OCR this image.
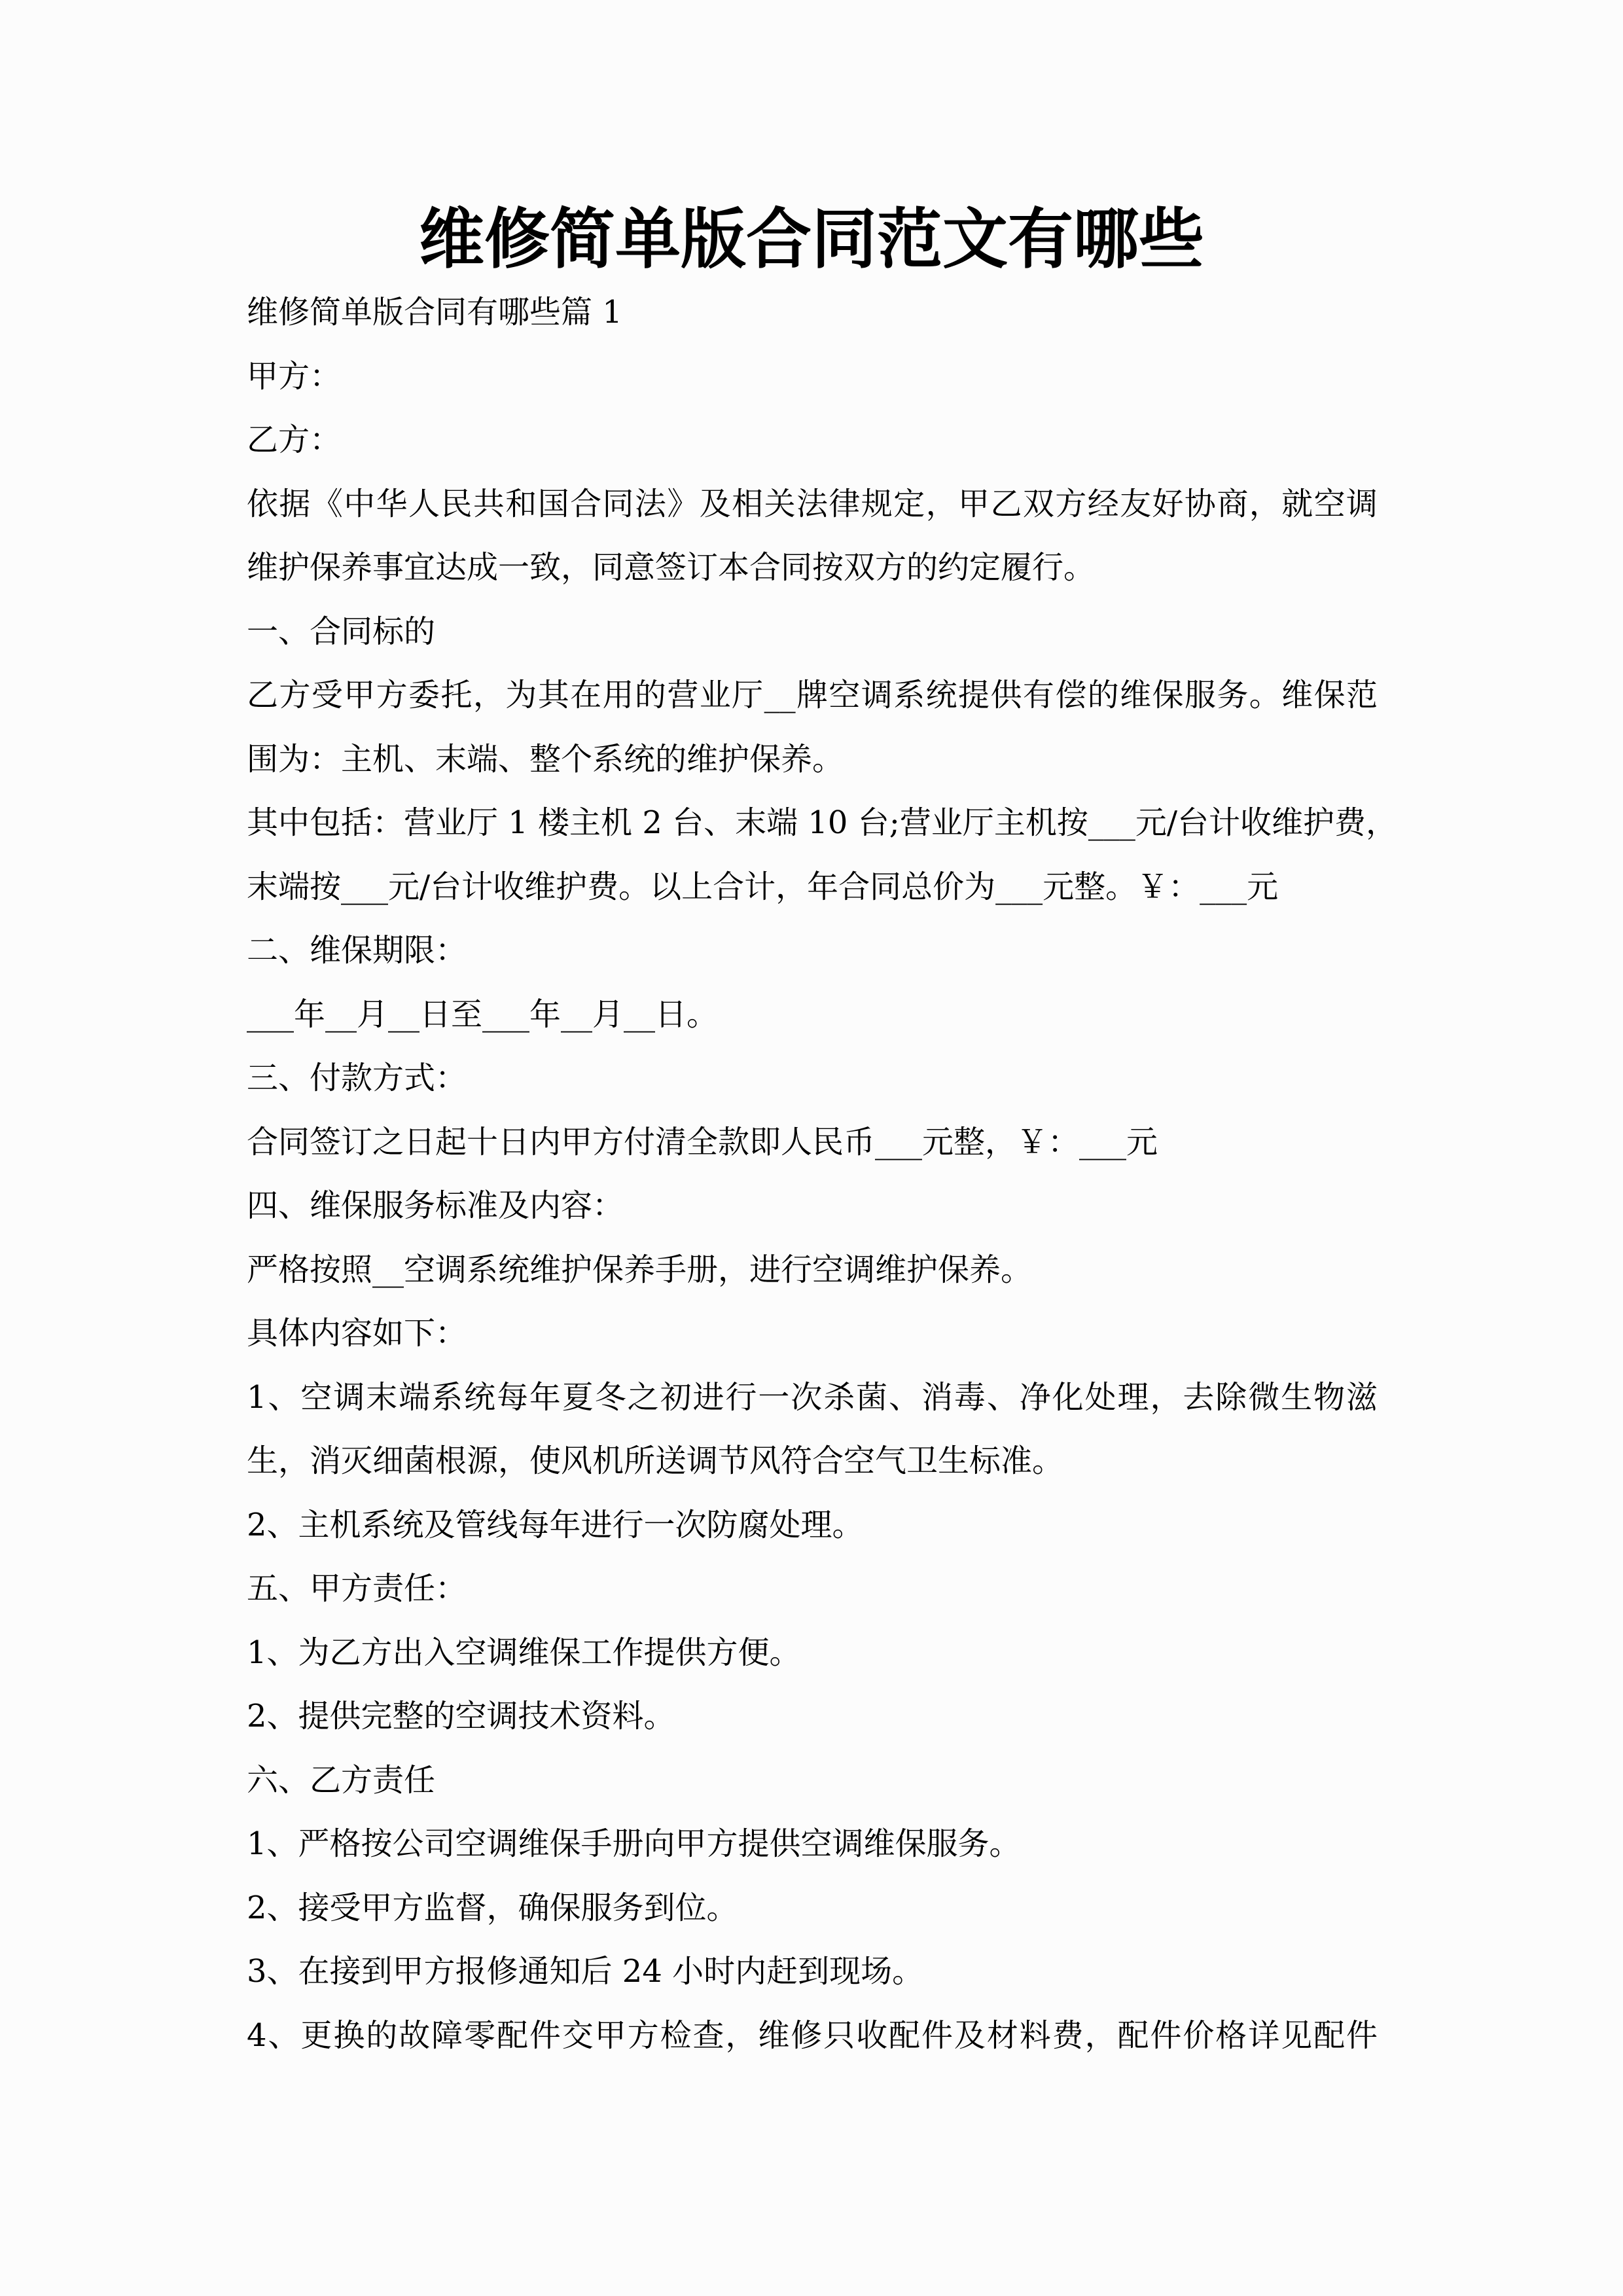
维修简单版合同范文有哪些
维修简单版合同有哪些篇 1
甲方：
乙方：
依据《中华人民共和国合同法》及相关法律规定，甲乙双方经友好协商，就空调
维护保养事宜达成一致，同意签订本合同按双方的约定履行。
一、合同标的
乙方受甲方委托，为其在用的营业厅__牌空调系统提供有偿的维保服务。维保范
围为：主机、末端、整个系统的维护保养。
其中包括：营业厅 1 楼主机 2 台、末端 10 台;营业厅主机按___元/台计收维护费，
末端按___元/台计收维护费。以上合计，年合同总价为___元整。￥：___元
二、维保期限：
___年__月__日至___年__月__日。
三、付款方式：
合同签订之日起十日内甲方付清全款即人民币___元整，￥：___元
四、维保服务标准及内容：
严格按照__空调系统维护保养手册，进行空调维护保养。
具体内容如下：
1、空调末端系统每年夏冬之初进行一次杀菌、消毒、净化处理，去除微生物滋
生，消灭细菌根源，使风机所送调节风符合空气卫生标准。
2、主机系统及管线每年进行一次防腐处理。
五、甲方责任：
1、为乙方出入空调维保工作提供方便。
2、提供完整的空调技术资料。
六、乙方责任
1、严格按公司空调维保手册向甲方提供空调维保服务。
2、接受甲方监督，确保服务到位。
3、在接到甲方报修通知后 24 小时内赶到现场。
4、更换的故障零配件交甲方检查，维修只收配件及材料费，配件价格详见配件
